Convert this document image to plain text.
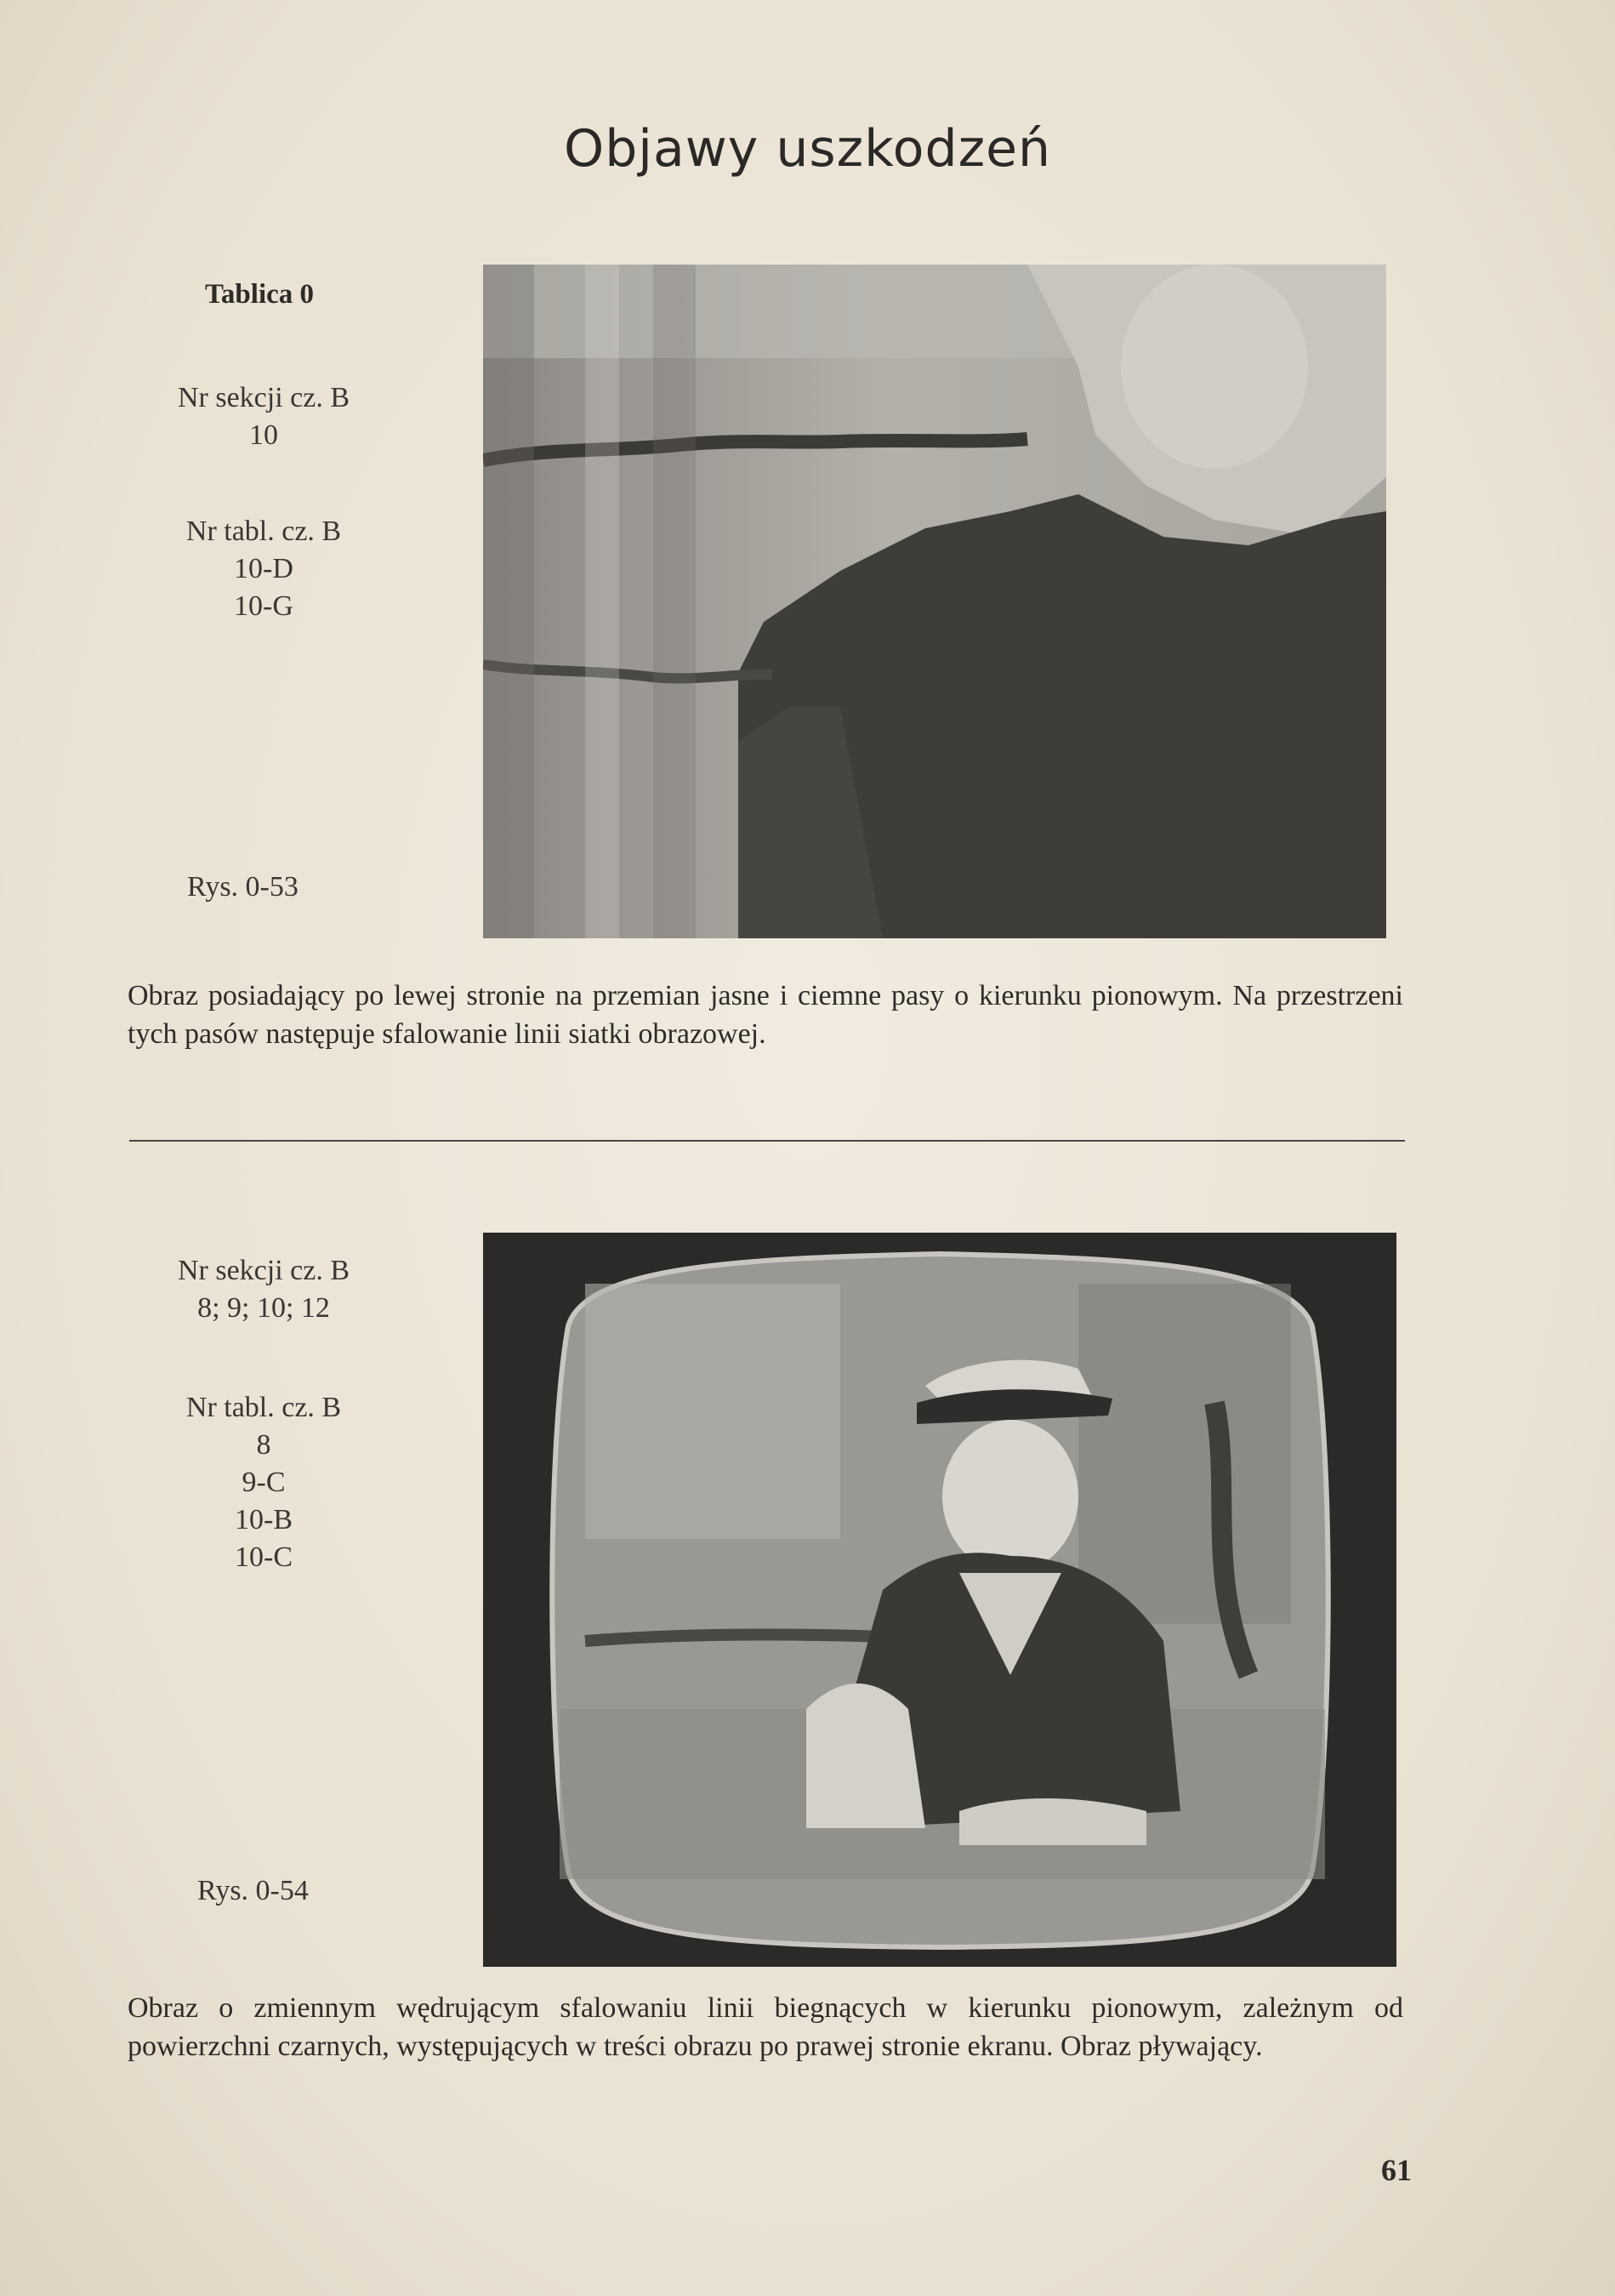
Objawy uszkodzeń
Tablica 0
Nr sekcji cz. B
10
Nr tabl. cz. B
10-D
10-G
Rys. 0-53
Obraz posiadający po lewej stronie na przemian jasne i ciemne pasy o kierunku pionowym. Na przestrzeni tych pasów następuje sfalowanie linii siatki obrazowej.
Nr sekcji cz. B
8; 9; 10; 12
Nr tabl. cz. B
8
9-C
10-B
10-C
Rys. 0-54
Obraz o zmiennym wędrującym sfalowaniu linii biegnących w kierunku pionowym, zależnym od powierzchni czarnych, występujących w treści obrazu po prawej stronie ekranu. Obraz pływający.
61
